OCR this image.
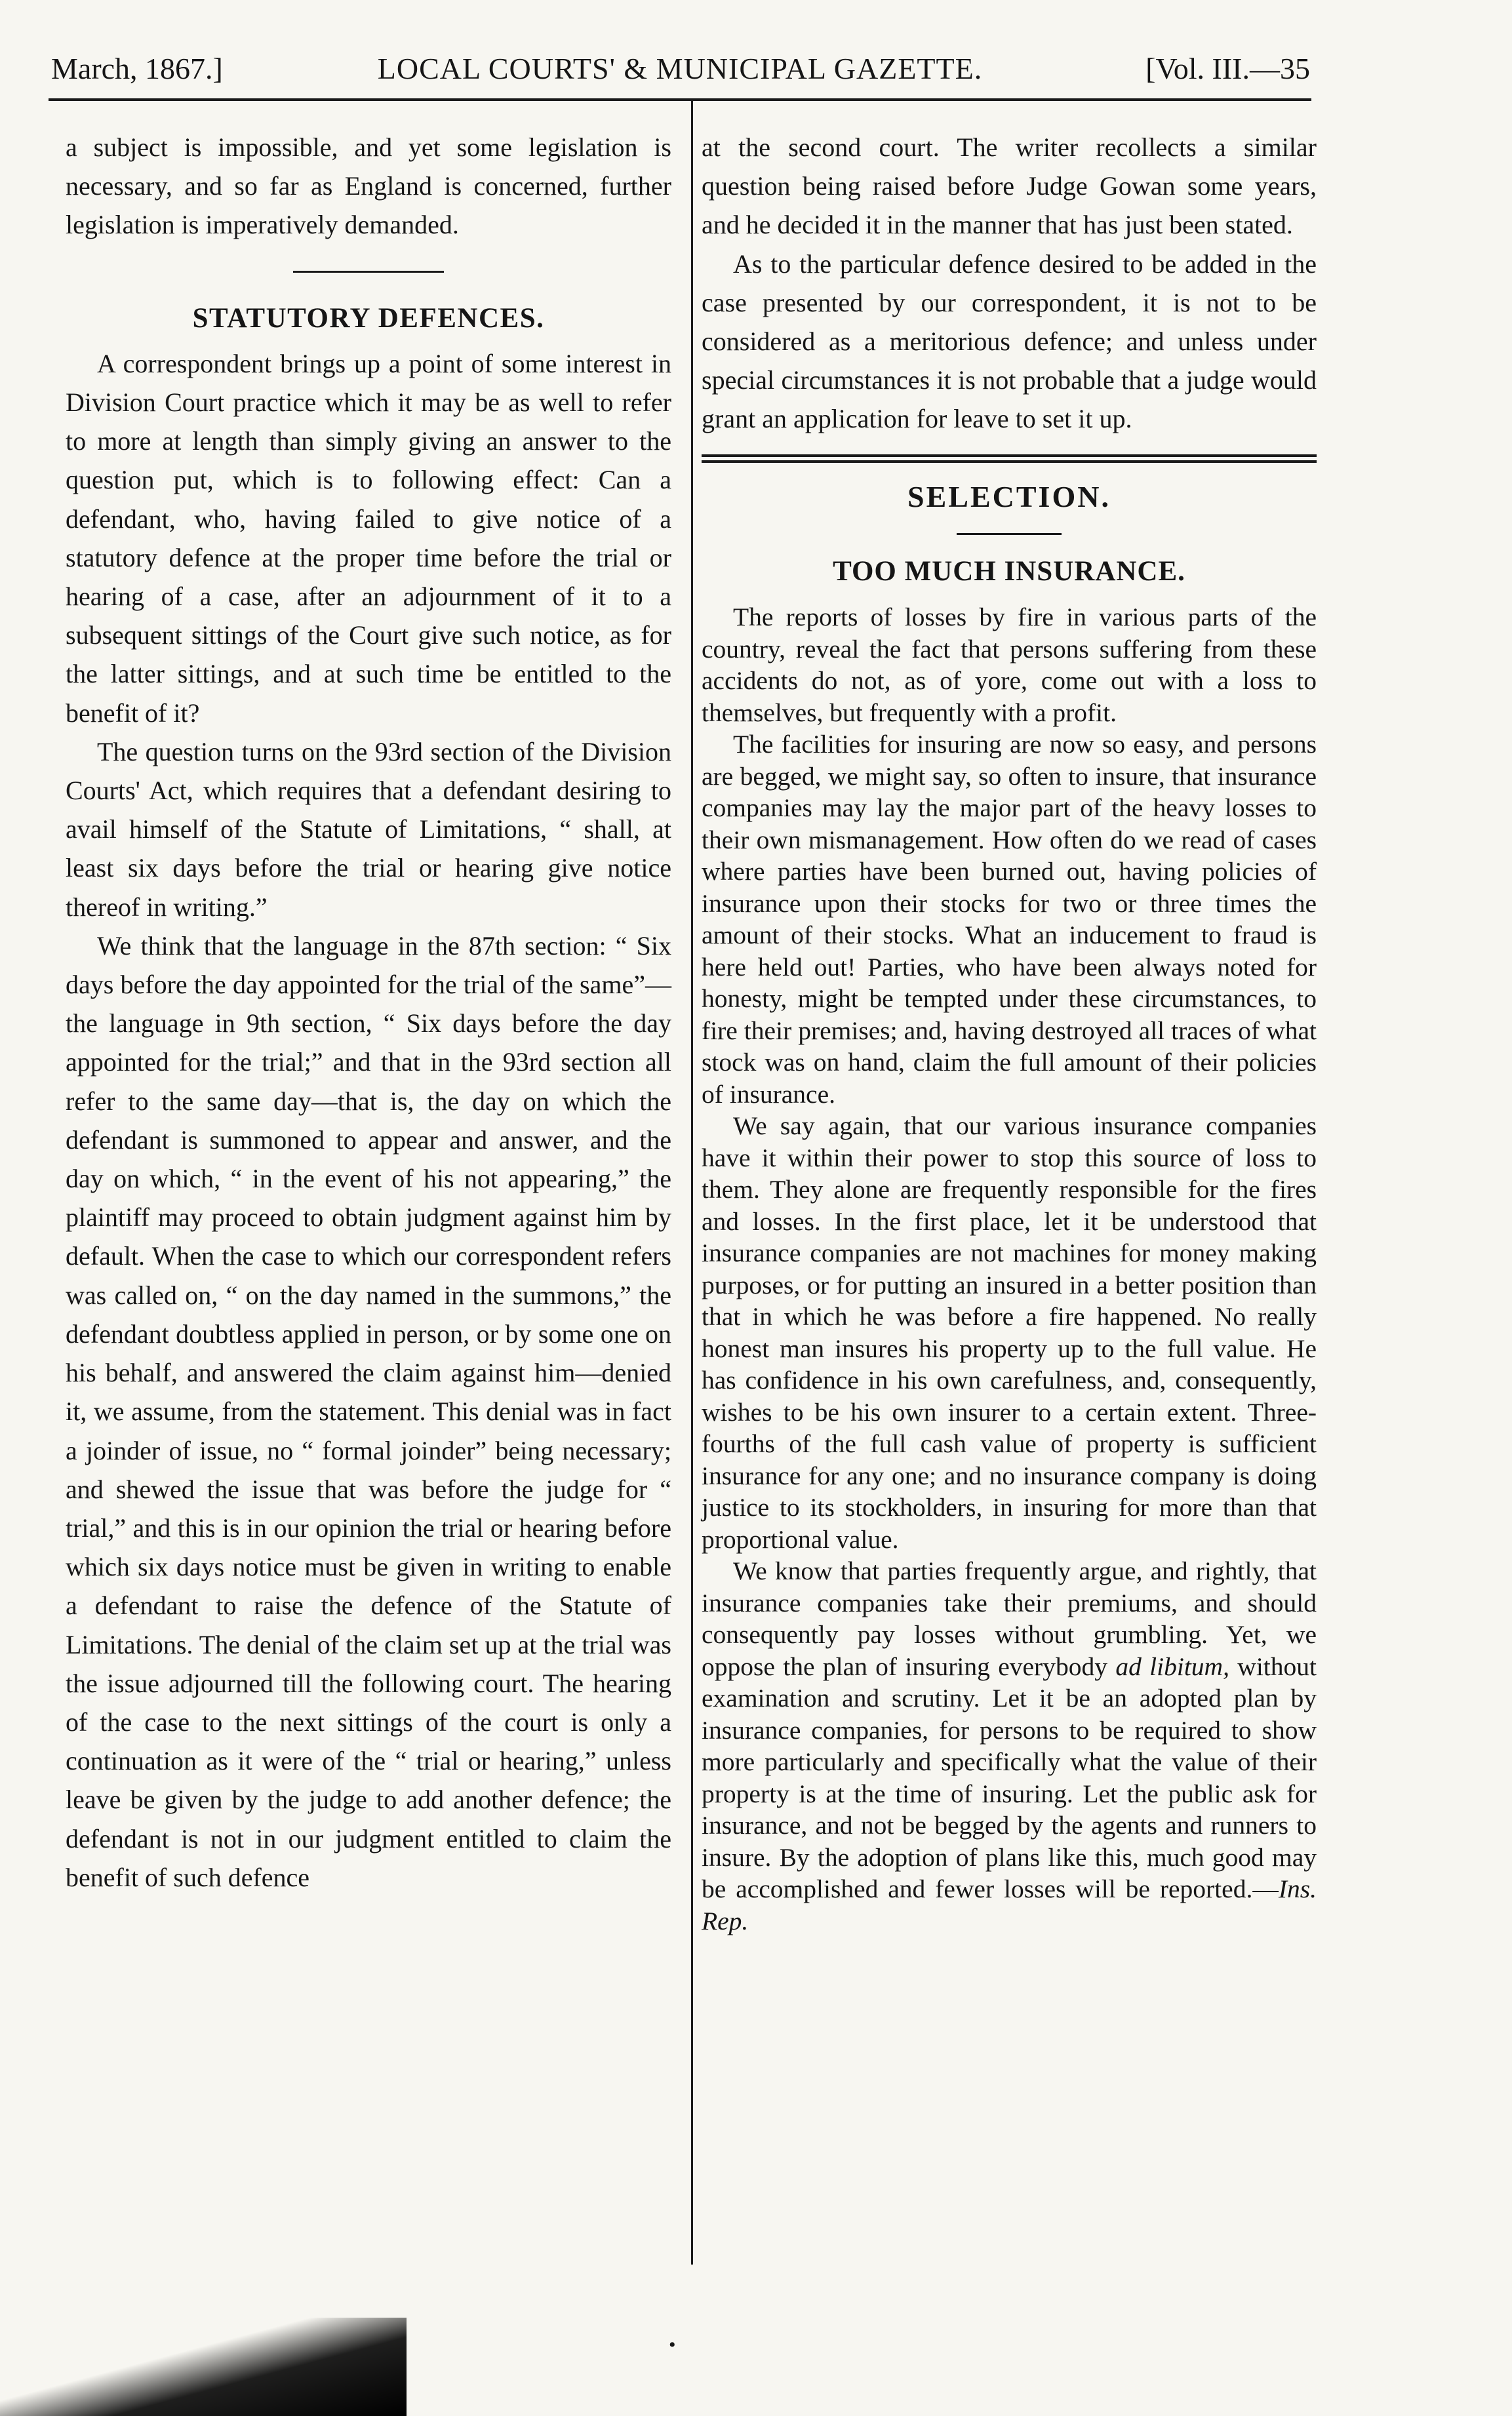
March, 1867.]	LOCAL COURTS' & MUNICIPAL GAZETTE.	[Vol. III.—35

a subject is impossible, and yet some legislation is necessary, and so far as England is concerned, further legislation is imperatively demanded.

STATUTORY DEFENCES.

A correspondent brings up a point of some interest in Division Court practice which it may be as well to refer to more at length than simply giving an answer to the question put, which is to following effect: Can a defendant, who, having failed to give notice of a statutory defence at the proper time before the trial or hearing of a case, after an adjournment of it to a subsequent sittings of the Court give such notice, as for the latter sittings, and at such time be entitled to the benefit of it?

The question turns on the 93rd section of the Division Courts' Act, which requires that a defendant desiring to avail himself of the Statute of Limitations, “ shall, at least six days before the trial or hearing give notice thereof in writing.”

We think that the language in the 87th section: “ Six days before the day appointed for the trial of the same”—the language in 9th section, “ Six days before the day appointed for the trial;” and that in the 93rd section all refer to the same day—that is, the day on which the defendant is summoned to appear and answer, and the day on which, “ in the event of his not appearing,” the plaintiff may proceed to obtain judgment against him by default. When the case to which our correspondent refers was called on, “ on the day named in the summons,” the defendant doubtless applied in person, or by some one on his behalf, and answered the claim against him—denied it, we assume, from the statement. This denial was in fact a joinder of issue, no “ formal joinder” being necessary; and shewed the issue that was before the judge for “ trial,” and this is in our opinion the trial or hearing before which six days notice must be given in writing to enable a defendant to raise the defence of the Statute of Limitations. The denial of the claim set up at the trial was the issue adjourned till the following court. The hearing of the case to the next sittings of the court is only a continuation as it were of the “ trial or hearing,” unless leave be given by the judge to add another defence; the defendant is not in our judgment entitled to claim the benefit of such defence

at the second court. The writer recollects a similar question being raised before Judge Gowan some years, and he decided it in the manner that has just been stated.

As to the particular defence desired to be added in the case presented by our correspondent, it is not to be considered as a meritorious defence; and unless under special circumstances it is not probable that a judge would grant an application for leave to set it up.

SELECTION.
TOO MUCH INSURANCE.

The reports of losses by fire in various parts of the country, reveal the fact that persons suffering from these accidents do not, as of yore, come out with a loss to themselves, but frequently with a profit.

The facilities for insuring are now so easy, and persons are begged, we might say, so often to insure, that insurance companies may lay the major part of the heavy losses to their own mismanagement. How often do we read of cases where parties have been burned out, having policies of insurance upon their stocks for two or three times the amount of their stocks. What an inducement to fraud is here held out! Parties, who have been always noted for honesty, might be tempted under these circumstances, to fire their premises; and, having destroyed all traces of what stock was on hand, claim the full amount of their policies of insurance.

We say again, that our various insurance companies have it within their power to stop this source of loss to them. They alone are frequently responsible for the fires and losses. In the first place, let it be understood that insurance companies are not machines for money making purposes, or for putting an insured in a better position than that in which he was before a fire happened. No really honest man insures his property up to the full value. He has confidence in his own carefulness, and, consequently, wishes to be his own insurer to a certain extent. Three-fourths of the full cash value of property is sufficient insurance for any one; and no insurance company is doing justice to its stockholders, in insuring for more than that proportional value.

We know that parties frequently argue, and rightly, that insurance companies take their premiums, and should consequently pay losses without grumbling. Yet, we oppose the plan of insuring everybody ad libitum, without examination and scrutiny. Let it be an adopted plan by insurance companies, for persons to be required to show more particularly and specifically what the value of their property is at the time of insuring. Let the public ask for insurance, and not be begged by the agents and runners to insure. By the adoption of plans like this, much good may be accomplished and fewer losses will be reported.—Ins. Rep.

•
